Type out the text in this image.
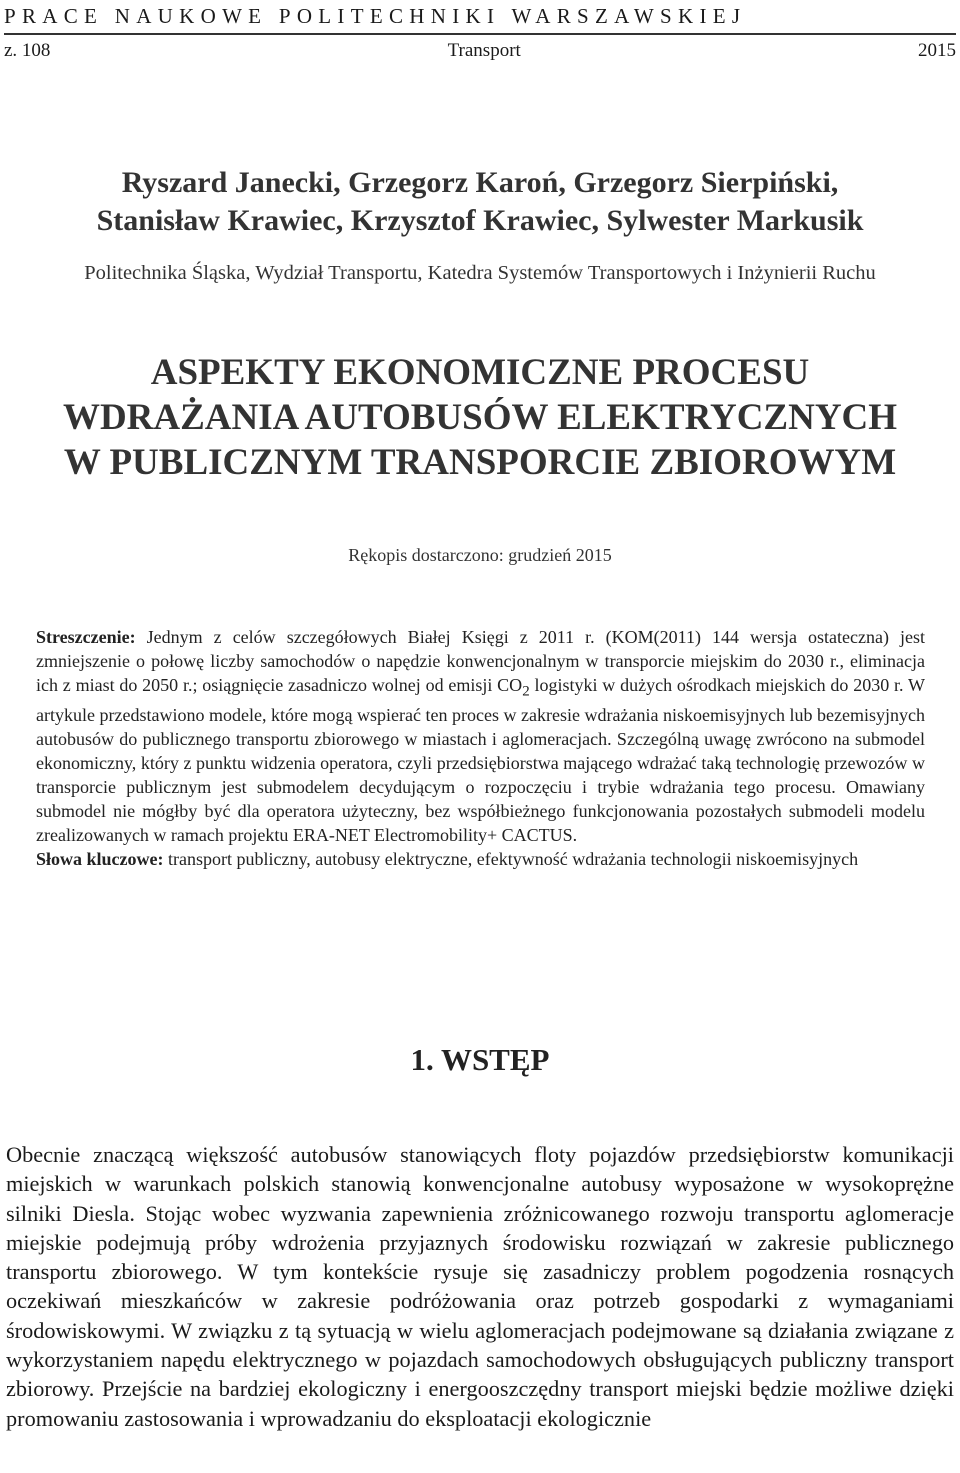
PRACE NAUKOWE POLITECHNIKI WARSZAWSKIEJ
z. 108	Transport	2015
Ryszard Janecki, Grzegorz Karoń, Grzegorz Sierpiński,
Stanisław Krawiec, Krzysztof Krawiec, Sylwester Markusik
Politechnika Śląska, Wydział Transportu, Katedra Systemów Transportowych i Inżynierii Ruchu
ASPEKTY EKONOMICZNE PROCESU
WDRAŻANIA AUTOBUSÓW ELEKTRYCZNYCH
W PUBLICZNYM TRANSPORCIE ZBIOROWYM
Rękopis dostarczono: grudzień 2015

Streszczenie: Jednym z celów szczegółowych Białej Księgi z 2011 r. (KOM(2011) 144 wersja ostateczna) jest zmniejszenie o połowę liczby samochodów o napędzie konwencjonalnym w transporcie miejskim do 2030 r., eliminacja ich z miast do 2050 r.; osiągnięcie zasadniczo wolnej od emisji $CO_2$ logistyki w dużych ośrodkach miejskich do 2030 r. W artykule przedstawiono modele, które mogą wspierać ten proces w zakresie wdrażania niskoemisyjnych lub bezemisyjnych autobusów do publicznego transportu zbiorowego w miastach i aglomeracjach. Szczególną uwagę zwrócono na submodel ekonomiczny, który z punktu widzenia operatora, czyli przedsiębiorstwa mającego wdrażać taką technologię przewozów w transporcie publicznym jest submodelem decydującym o rozpoczęciu i trybie wdrażania tego procesu. Omawiany submodel nie mógłby być dla operatora użyteczny, bez współbieżnego funkcjonowania pozostałych submodeli modelu zrealizowanych w ramach projektu ERA-NET Electromobility+ CACTUS.

Słowa kluczowe: transport publiczny, autobusy elektryczne, efektywność wdrażania technologii niskoemisyjnych

1. WSTĘP

Obecnie znaczącą większość autobusów stanowiących floty pojazdów przedsiębiorstw komunikacji miejskich w warunkach polskich stanowią konwencjonalne autobusy wyposażone w wysokoprężne silniki Diesla. Stojąc wobec wyzwania zapewnienia zróżnicowanego rozwoju transportu aglomeracje miejskie podejmują próby wdrożenia przyjaznych środowisku rozwiązań w zakresie publicznego transportu zbiorowego. W tym kontekście rysuje się zasadniczy problem pogodzenia rosnących oczekiwań mieszkańców w zakresie podróżowania oraz potrzeb gospodarki z wymaganiami środowiskowymi. W związku z tą sytuacją w wielu aglomeracjach podejmowane są działania związane z wykorzystaniem napędu elektrycznego w pojazdach samochodowych obsługujących publiczny transport zbiorowy. Przejście na bardziej ekologiczny i energooszczędny transport miejski będzie możliwe dzięki promowaniu zastosowania i wprowadzaniu do eksploatacji ekologicznie
